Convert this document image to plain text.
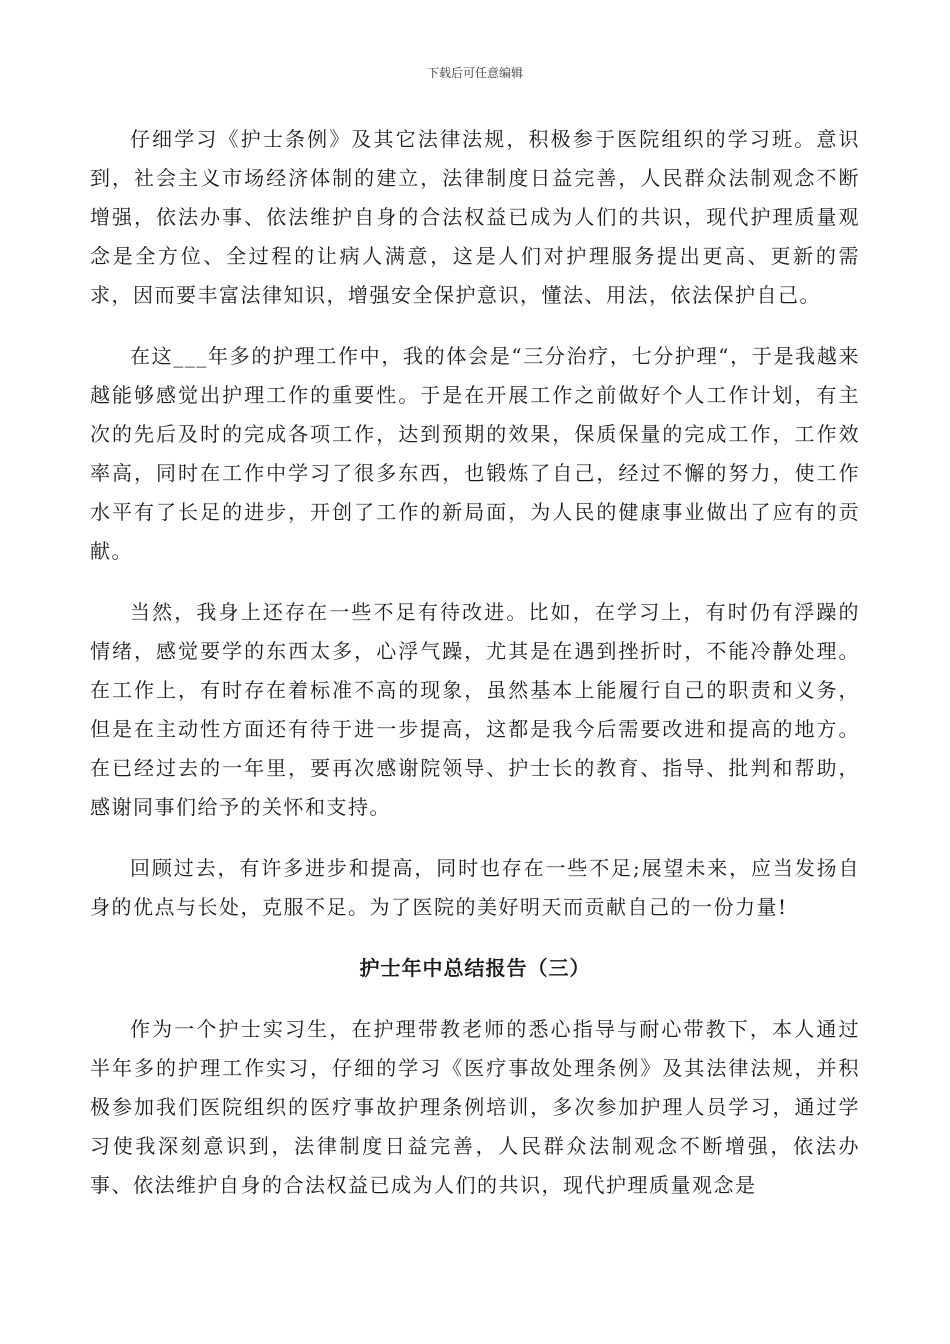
下载后可任意编辑

仔细学习《护士条例》及其它法律法规，积极参于医院组织的学习班。意识到，社会主义市场经济体制的建立，法律制度日益完善，人民群众法制观念不断增强，依法办事、依法维护自身的合法权益已成为人们的共识，现代护理质量观念是全方位、全过程的让病人满意，这是人们对护理服务提出更高、更新的需求，因而要丰富法律知识，增强安全保护意识，懂法、用法，依法保护自己。

在这___年多的护理工作中，我的体会是“三分治疗，七分护理“，于是我越来越能够感觉出护理工作的重要性。于是在开展工作之前做好个人工作计划，有主次的先后及时的完成各项工作，达到预期的效果，保质保量的完成工作，工作效率高，同时在工作中学习了很多东西，也锻炼了自己，经过不懈的努力，使工作水平有了长足的进步，开创了工作的新局面，为人民的健康事业做出了应有的贡献。

当然，我身上还存在一些不足有待改进。比如，在学习上，有时仍有浮躁的情绪，感觉要学的东西太多，心浮气躁，尤其是在遇到挫折时，不能冷静处理。在工作上，有时存在着标准不高的现象，虽然基本上能履行自己的职责和义务，但是在主动性方面还有待于进一步提高，这都是我今后需要改进和提高的地方。在已经过去的一年里，要再次感谢院领导、护士长的教育、指导、批判和帮助，感谢同事们给予的关怀和支持。

回顾过去，有许多进步和提高，同时也存在一些不足;展望未来，应当发扬自身的优点与长处，克服不足。为了医院的美好明天而贡献自己的一份力量!

护士年中总结报告（三）

作为一个护士实习生，在护理带教老师的悉心指导与耐心带教下，本人通过半年多的护理工作实习，仔细的学习《医疗事故处理条例》及其法律法规，并积极参加我们医院组织的医疗事故护理条例培训，多次参加护理人员学习，通过学习使我深刻意识到，法律制度日益完善，人民群众法制观念不断增强，依法办事、依法维护自身的合法权益已成为人们的共识，现代护理质量观念是
